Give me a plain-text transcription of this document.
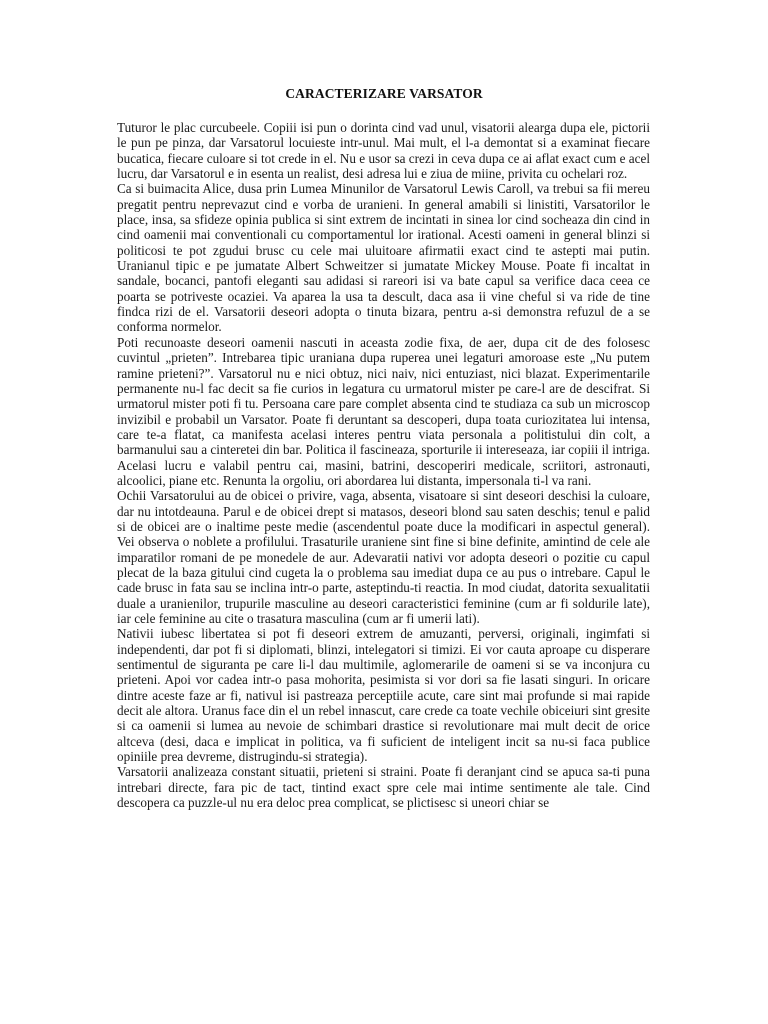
CARACTERIZARE VARSATOR

Tuturor le plac curcubeele. Copiii isi pun o dorinta cind vad unul, visatorii alearga dupa ele, pictorii le pun pe pinza, dar Varsatorul locuieste intr-unul. Mai mult, el l-a demontat si a examinat fiecare bucatica, fiecare culoare si tot crede in el. Nu e usor sa crezi in ceva dupa ce ai aflat exact cum e acel lucru, dar Varsatorul e in esenta un realist, desi adresa lui e ziua de miine, privita cu ochelari roz.

Ca si buimacita Alice, dusa prin Lumea Minunilor de Varsatorul Lewis Caroll, va trebui sa fii mereu pregatit pentru neprevazut cind e vorba de uranieni. In general amabili si linistiti, Varsatorilor le place, insa, sa sfideze opinia publica si sint extrem de incintati in sinea lor cind socheaza din cind in cind oamenii mai conventionali cu comportamentul lor irational. Acesti oameni in general blinzi si politicosi te pot zgudui brusc cu cele mai uluitoare afirmatii exact cind te astepti mai putin. Uranianul tipic e pe jumatate Albert Schweitzer si jumatate Mickey Mouse. Poate fi incaltat in sandale, bocanci, pantofi eleganti sau adidasi si rareori isi va bate capul sa verifice daca ceea ce poarta se potriveste ocaziei. Va aparea la usa ta descult, daca asa ii vine cheful si va ride de tine findca rizi de el. Varsatorii deseori adopta o tinuta bizara, pentru a-si demonstra refuzul de a se conforma normelor.

Poti recunoaste deseori oamenii nascuti in aceasta zodie fixa, de aer, dupa cit de des folosesc cuvintul „prieten”. Intrebarea tipic uraniana dupa ruperea unei legaturi amoroase este „Nu putem ramine prieteni?”. Varsatorul nu e nici obtuz, nici naiv, nici entuziast, nici blazat. Experimentarile permanente nu-l fac decit sa fie curios in legatura cu urmatorul mister pe care-l are de descifrat. Si urmatorul mister poti fi tu. Persoana care pare complet absenta cind te studiaza ca sub un microscop invizibil e probabil un Varsator. Poate fi deruntant sa descoperi, dupa toata curiozitatea lui intensa, care te-a flatat, ca manifesta acelasi interes pentru viata personala a politistului din colt, a barmanului sau a cinteretei din bar. Politica il fascineaza, sporturile ii intereseaza, iar copiii il intriga. Acelasi lucru e valabil pentru cai, masini, batrini, descoperiri medicale, scriitori, astronauti, alcoolici, piane etc. Renunta la orgoliu, ori abordarea lui distanta, impersonala ti-l va rani.

Ochii Varsatorului au de obicei o privire, vaga, absenta, visatoare si sint deseori deschisi la culoare, dar nu intotdeauna. Parul e de obicei drept si matasos, deseori blond sau saten deschis; tenul e palid si de obicei are o inaltime peste medie (ascendentul poate duce la modificari in aspectul general). Vei observa o noblete a profilului. Trasaturile uraniene sint fine si bine definite, amintind de cele ale imparatilor romani de pe monedele de aur. Adevaratii nativi vor adopta deseori o pozitie cu capul plecat de la baza gitului cind cugeta la o problema sau imediat dupa ce au pus o intrebare. Capul le cade brusc in fata sau se inclina intr-o parte, asteptindu-ti reactia. In mod ciudat, datorita sexualitatii duale a uranienilor, trupurile masculine au deseori caracteristici feminine (cum ar fi soldurile late), iar cele feminine au cite o trasatura masculina (cum ar fi umerii lati).

Nativii iubesc libertatea si pot fi deseori extrem de amuzanti, perversi, originali, ingimfati si independenti, dar pot fi si diplomati, blinzi, intelegatori si timizi. Ei vor cauta aproape cu disperare sentimentul de siguranta pe care li-l dau multimile, aglomerarile de oameni si se va inconjura cu prieteni. Apoi vor cadea intr-o pasa mohorita, pesimista si vor dori sa fie lasati singuri. In oricare dintre aceste faze ar fi, nativul isi pastreaza perceptiile acute, care sint mai profunde si mai rapide decit ale altora. Uranus face din el un rebel innascut, care crede ca toate vechile obiceiuri sint gresite si ca oamenii si lumea au nevoie de schimbari drastice si revolutionare mai mult decit de orice altceva (desi, daca e implicat in politica, va fi suficient de inteligent incit sa nu-si faca publice opiniile prea devreme, distrugindu-si strategia).

Varsatorii analizeaza constant situatii, prieteni si straini. Poate fi deranjant cind se apuca sa-ti puna intrebari directe, fara pic de tact, tintind exact spre cele mai intime sentimente ale tale. Cind descopera ca puzzle-ul nu era deloc prea complicat, se plictisesc si uneori chiar se
